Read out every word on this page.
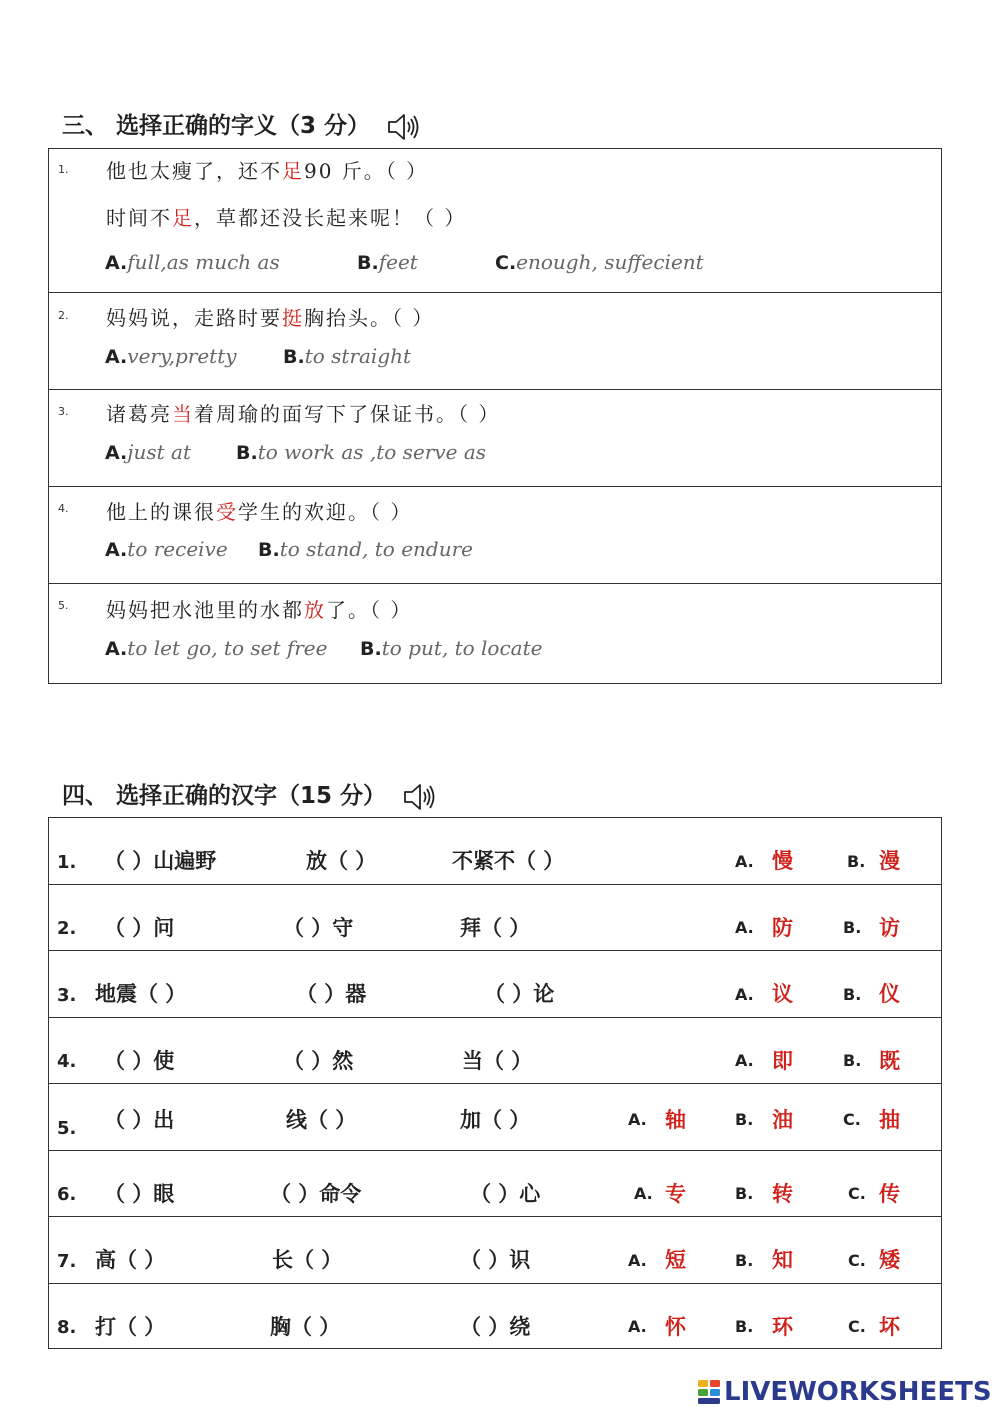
三、 选择正确的字义（3 分）
1. 他也太瘦了，还不足90 斤。（ ）
时间不足，草都还没长起来呢！（ ）
A.full,as much as	B.feet	C.enough, suffecient
2. 妈妈说，走路时要挺胸抬头。（ ）
A.very,pretty B.to straight
3. 诸葛亮当着周瑜的面写下了保证书。（ ）
A.just at B.to work as ,to serve as
4. 他上的课很受学生的欢迎。（ ）
A.to receive B.to stand, to endure
5. 妈妈把水池里的水都放了。（ ）
A.to let go, to set free B.to put, to locate
四、 选择正确的汉字（15 分）
1. （ ）山遍野	放（ ）	不紧不（ ）	A. 慢	B. 漫
2. （ ）问	（ ）守	拜（ ）	A. 防	B. 访
3. 地震（ ）	（ ）器	（ ）论	A. 议	B. 仪
4. （ ）使	（ ）然	当（ ）	A. 即	B. 既
5. （ ）出	线（ ）	加（ ）	A. 轴	B. 油	C. 抽
6. （ ）眼	（ ）命令	（ ）心	A. 专	B. 转	C. 传
7. 高（ ）	长（ ）	（ ）识	A. 短	B. 知	C. 矮
8. 打（ ）	胸（ ）	（ ）绕	A. 怀	B. 环	C. 坏
LIVEWORKSHEETS
